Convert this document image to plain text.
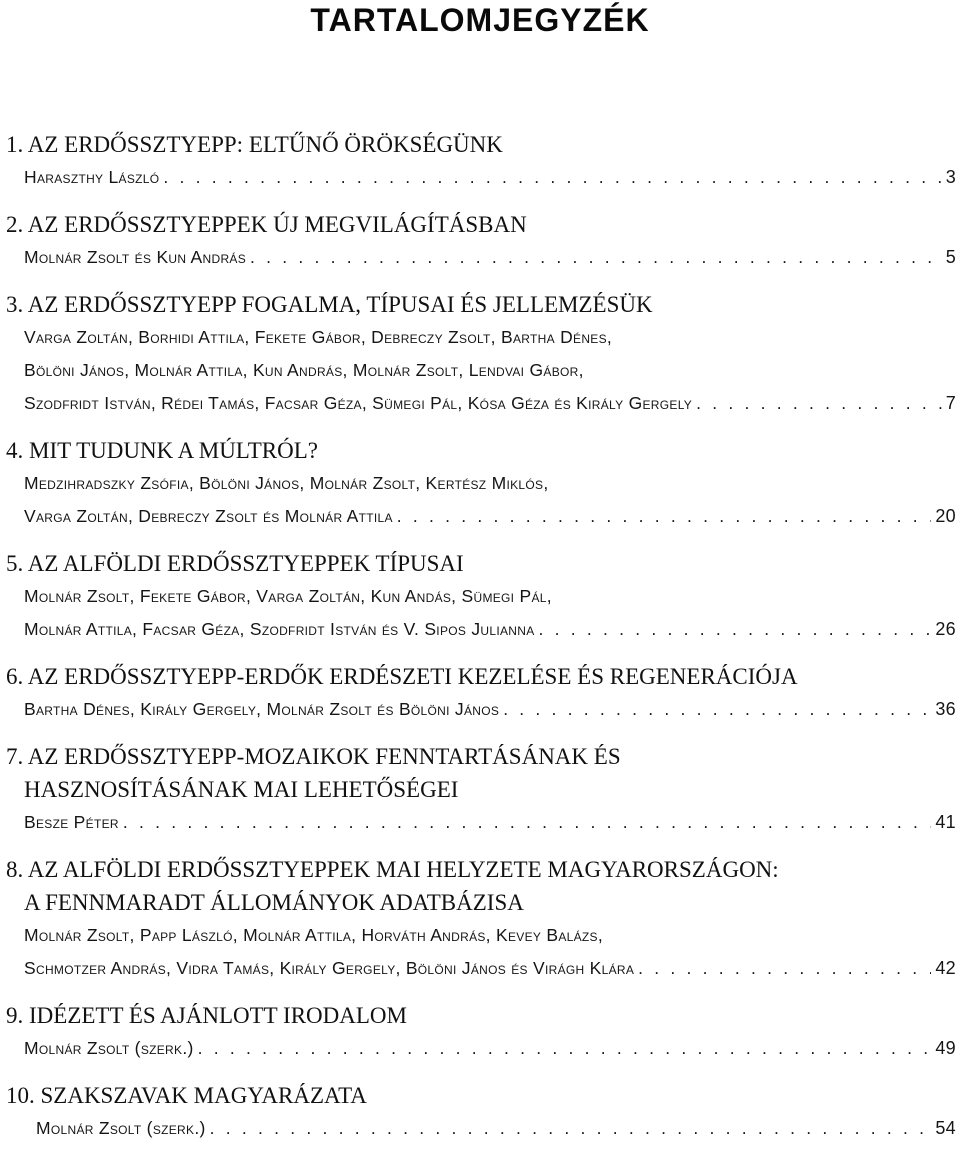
TARTALOMJEGYZÉK
1. AZ ERDŐSSZTYEPP: ELTŰNŐ ÖRÖKSÉGÜNK
Haraszthy László . . .	3
2. AZ ERDŐSSZTYEPPEK ÚJ MEGVILÁGÍTÁSBAN
Molnár Zsolt és Kun András . . .	5
3. AZ ERDŐSSZTYEPP FOGALMA, TÍPUSAI ÉS JELLEMZÉSÜK
Varga Zoltán, Borhidi Attila, Fekete Gábor, Debreczy Zsolt, Bartha Dénes,
Bölöni János, Molnár Attila, Kun András, Molnár Zsolt, Lendvai Gábor,
Szodfridt István, Rédei Tamás, Facsar Géza, Sümegi Pál, Kósa Géza és Király Gergely . . .	7
4. MIT TUDUNK A MÚLTRÓL?
Medzihradszky Zsófia, Bölöni János, Molnár Zsolt, Kertész Miklós,
Varga Zoltán, Debreczy Zsolt és Molnár Attila . . .	20
5. AZ ALFÖLDI ERDŐSSZTYEPPEK TÍPUSAI
Molnár Zsolt, Fekete Gábor, Varga Zoltán, Kun Andás, Sümegi Pál,
Molnár Attila, Facsar Géza, Szodfridt István és V. Sipos Julianna . . .	26
6. AZ ERDŐSSZTYEPP-ERDŐK ERDÉSZETI KEZELÉSE ÉS REGENERÁCIÓJA
Bartha Dénes, Király Gergely, Molnár Zsolt és Bölöni János . . .	36
7. AZ ERDŐSSZTYEPP-MOZAIKOK FENNTARTÁSÁNAK ÉS
HASZNOSÍTÁSÁNAK MAI LEHETŐSÉGEI
Besze Péter . . .	41
8. AZ ALFÖLDI ERDŐSSZTYEPPEK MAI HELYZETE MAGYARORSZÁGON:
A FENNMARADT ÁLLOMÁNYOK ADATBÁZISA
Molnár Zsolt, Papp László, Molnár Attila, Horváth András, Kevey Balázs,
Schmotzer András, Vidra Tamás, Király Gergely, Bölöni János és Virágh Klára . . .	42
9. IDÉZETT ÉS AJÁNLOTT IRODALOM
Molnár Zsolt (szerk.) . . .	49
10. SZAKSZAVAK MAGYARÁZATA
Molnár Zsolt (szerk.) . . .	54
